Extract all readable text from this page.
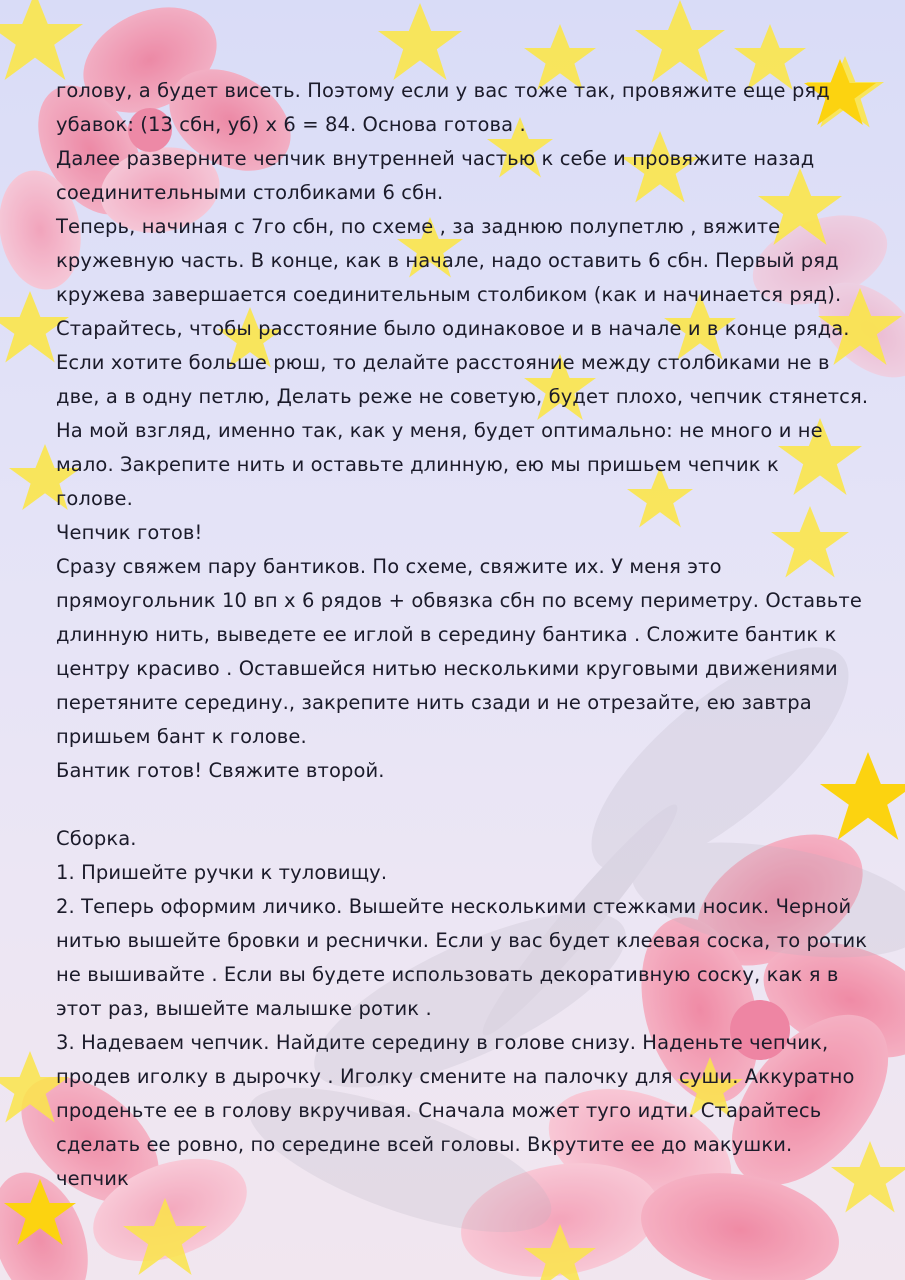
голову, а будет висеть. Поэтому если у вас тоже так, провяжите еще ряд

убавок: (13 сбн, уб) х 6 = 84. Основа готова .

Далее разверните чепчик внутренней частью к себе и провяжите назад

соединительными столбиками 6 сбн.

Теперь, начиная с 7го сбн, по схеме , за заднюю полупетлю , вяжите

кружевную часть. В конце, как в начале, надо оставить 6 сбн. Первый ряд

кружева завершается соединительным столбиком (как и начинается ряд).

Старайтесь, чтобы расстояние было одинаковое и в начале и в конце ряда.

Если хотите больше рюш, то делайте расстояние между столбиками не в

две, а в одну петлю, Делать реже не советую, будет плохо, чепчик стянется.

На мой взгляд, именно так, как у меня, будет оптимально: не много и не

мало. Закрепите нить и оставьте длинную, ею мы пришьем чепчик к

голове.

Чепчик готов!

Сразу свяжем пару бантиков. По схеме, свяжите их. У меня это

прямоугольник 10 вп х 6 рядов + обвязка сбн по всему периметру. Оставьте

длинную нить, выведете ее иглой в середину бантика . Сложите бантик к

центру красиво . Оставшейся нитью несколькими круговыми движениями

перетяните середину., закрепите нить сзади и не отрезайте, ею завтра

пришьем бант к голове.

Бантик готов! Свяжите второй.

Сборка.

1. Пришейте ручки к туловищу.

2. Теперь оформим личико. Вышейте несколькими стежками носик. Черной

нитью вышейте бровки и реснички. Если у вас будет клеевая соска, то ротик

не вышивайте . Если вы будете использовать декоративную соску, как я в

этот раз, вышейте малышке ротик .

3. Надеваем чепчик. Найдите середину в голове снизу. Наденьте чепчик,

продев иголку в дырочку . Иголку смените на палочку для суши. Аккуратно

проденьте ее в голову вкручивая. Сначала может туго идти. Старайтесь

сделать ее ровно, по середине всей головы. Вкрутите ее до макушки.

чепчик
